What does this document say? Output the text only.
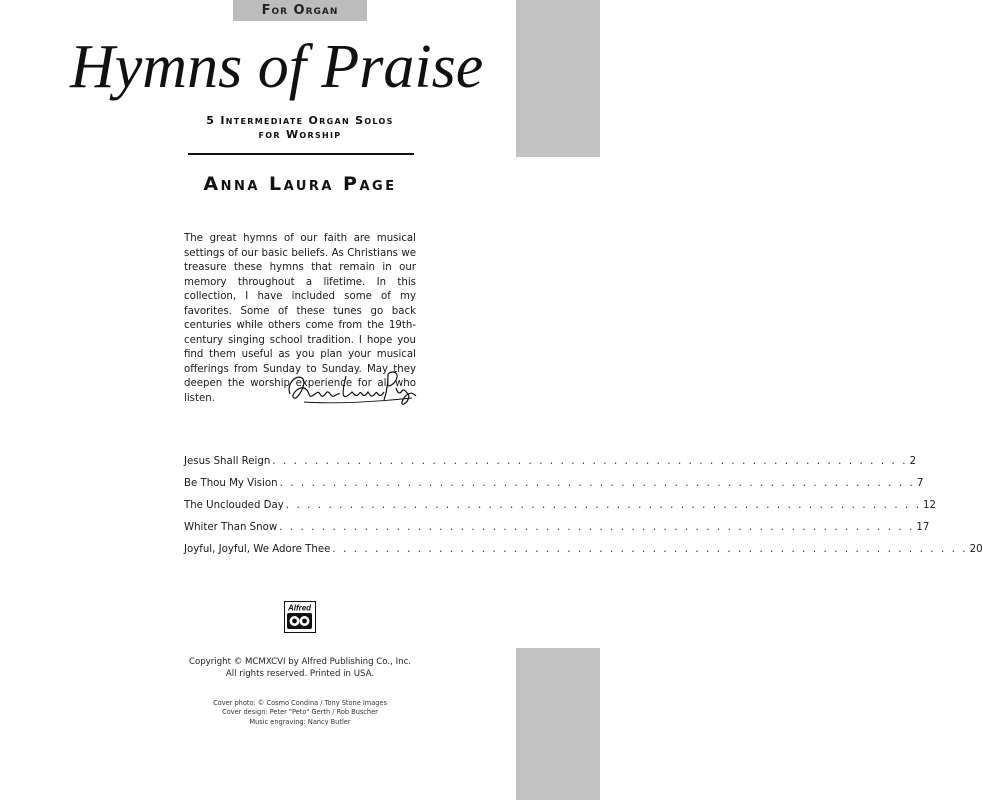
For Organ
Hymns of Praise
5 Intermediate Organ Solos
for Worship
Anna Laura Page
The great hymns of our faith are musical settings of our basic beliefs. As Christians we treasure these hymns that remain in our memory throughout a lifetime. In this collection, I have included some of my favorites. Some of these tunes go back centuries while others come from the 19th-century singing school tradition. I hope you find them useful as you plan your musical offerings from Sunday to Sunday. May they deepen the worship experience for all who listen.
Jesus Shall Reign . . . . . . . . . . . . . . . . . . . . . . . . . . . . . . . . . . . . . . . . . . . . . . . . . . . . . . . . . . . . 2
Be Thou My Vision . . . . . . . . . . . . . . . . . . . . . . . . . . . . . . . . . . . . . . . . . . . . . . . . . . . . . . . . . . . . 7
The Unclouded Day . . . . . . . . . . . . . . . . . . . . . . . . . . . . . . . . . . . . . . . . . . . . . . . . . . . . . . . . . . . . 12
Whiter Than Snow . . . . . . . . . . . . . . . . . . . . . . . . . . . . . . . . . . . . . . . . . . . . . . . . . . . . . . . . . . . . 17
Joyful, Joyful, We Adore Thee . . . . . . . . . . . . . . . . . . . . . . . . . . . . . . . . . . . . . . . . . . . . . . . . . . . . . . . . . . . . 20
Alfred
Copyright © MCMXCVI by Alfred Publishing Co., Inc.
All rights reserved. Printed in USA.
Cover photo: © Cosmo Condina / Tony Stone Images
Cover design: Peter "Peto" Gerth / Rob Buscher
Music engraving: Nancy Butler
